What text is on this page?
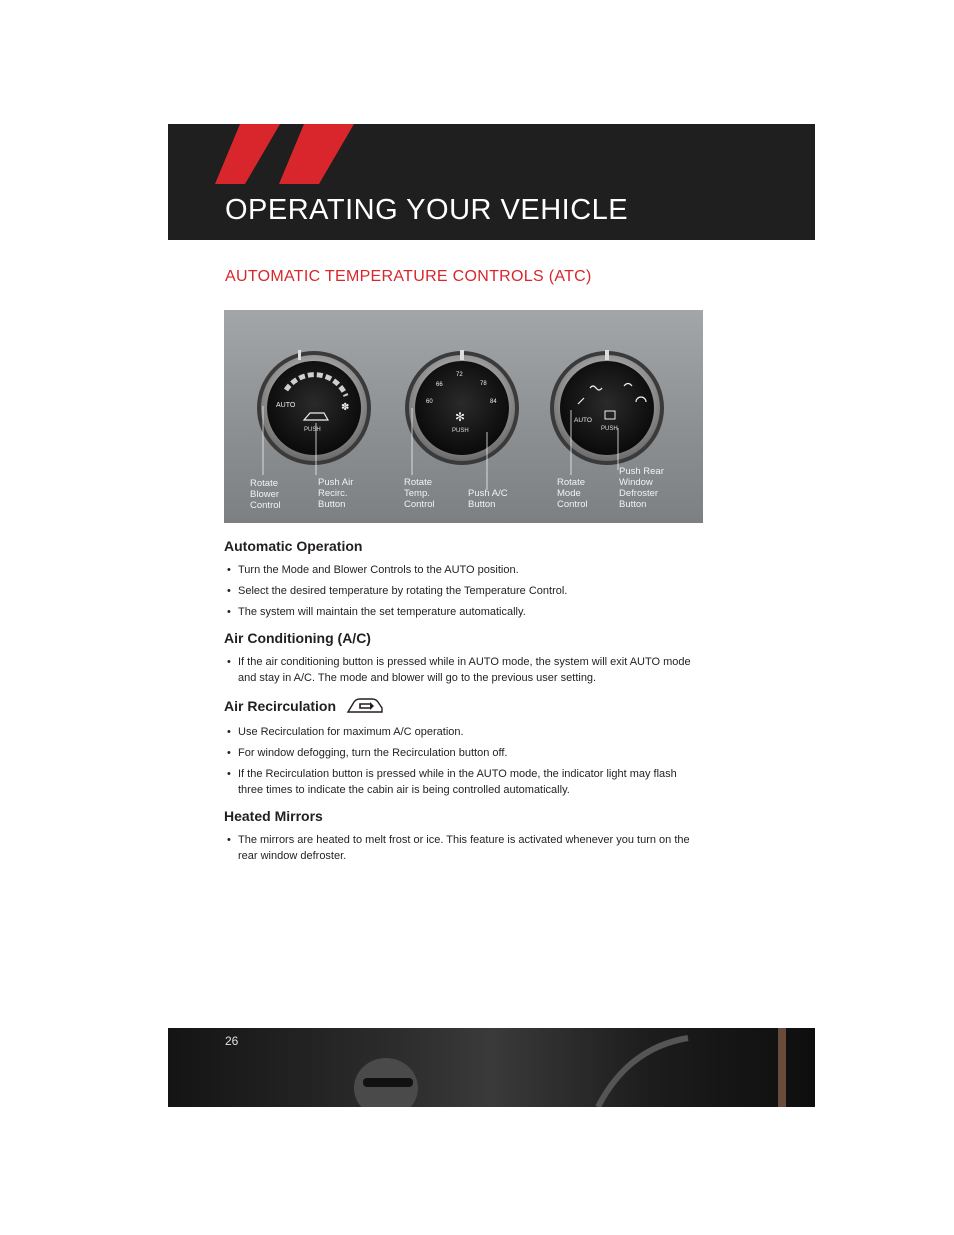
OPERATING YOUR VEHICLE
AUTOMATIC TEMPERATURE CONTROLS (ATC)
AUTO
PUSH
✽	60
66
72
78
84
✻
PUSH
AUTO
PUSH
Rotate
Blower
Control
Push Air
Recirc.
Button
Rotate
Temp.
Control
Push A/C
Button
Rotate
Mode
Control
Push Rear
Window
Defroster
Button
Automatic Operation
• Turn the Mode and Blower Controls to the AUTO position.
• Select the desired temperature by rotating the Temperature Control.
• The system will maintain the set temperature automatically.
Air Conditioning (A/C)
• If the air conditioning button is pressed while in AUTO mode, the system will exit AUTO mode and stay in A/C. The mode and blower will go to the previous user setting.
Air Recirculation
• Use Recirculation for maximum A/C operation.
• For window defogging, turn the Recirculation button off.
• If the Recirculation button is pressed while in the AUTO mode, the indicator light may flash three times to indicate the cabin air is being controlled automatically.
Heated Mirrors
• The mirrors are heated to melt frost or ice. This feature is activated whenever you turn on the rear window defroster.
26
